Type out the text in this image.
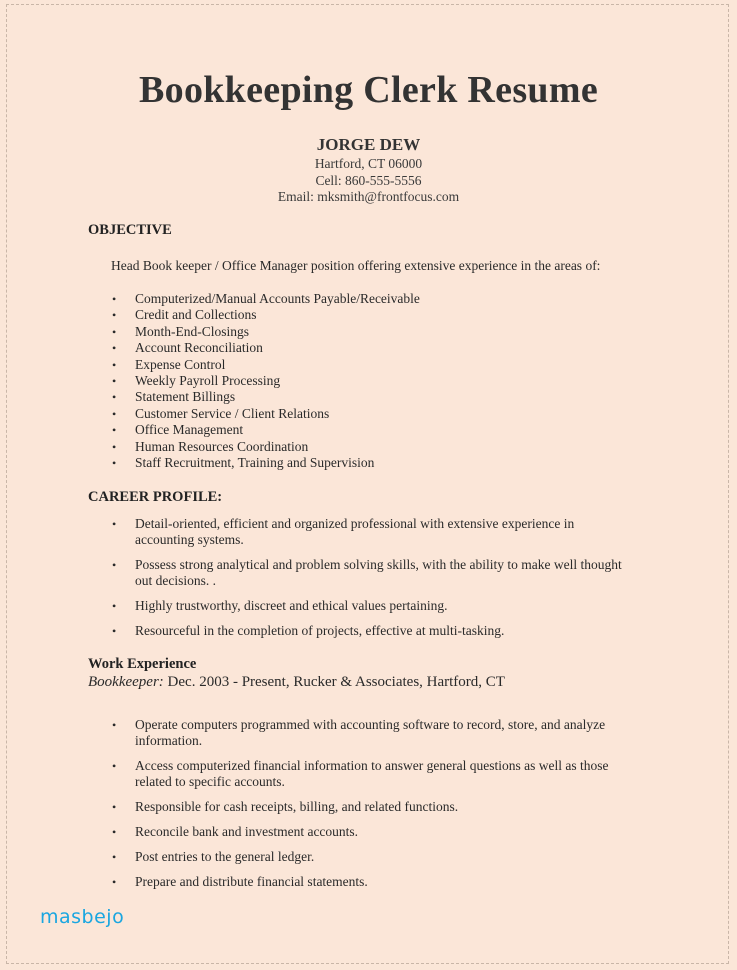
Bookkeeping Clerk Resume
JORGE DEW
Hartford, CT 06000
Cell: 860-555-5556
Email: mksmith@frontfocus.com
OBJECTIVE
Head Book keeper / Office Manager position offering extensive experience in the areas of:
• Computerized/Manual Accounts Payable/Receivable
• Credit and Collections
• Month-End-Closings
• Account Reconciliation
• Expense Control
• Weekly Payroll Processing
• Statement Billings
• Customer Service / Client Relations
• Office Management
• Human Resources Coordination
• Staff Recruitment, Training and Supervision
CAREER PROFILE:
• Detail-oriented, efficient and organized professional with extensive experience in accounting systems.
• Possess strong analytical and problem solving skills, with the ability to make well thought out decisions. .
• Highly trustworthy, discreet and ethical values pertaining.
• Resourceful in the completion of projects, effective at multi-tasking.
Work Experience
Bookkeeper: Dec. 2003 - Present, Rucker & Associates, Hartford, CT
• Operate computers programmed with accounting software to record, store, and analyze information.
• Access computerized financial information to answer general questions as well as those related to specific accounts.
• Responsible for cash receipts, billing, and related functions.
• Reconcile bank and investment accounts.
• Post entries to the general ledger.
• Prepare and distribute financial statements.
masbejo
